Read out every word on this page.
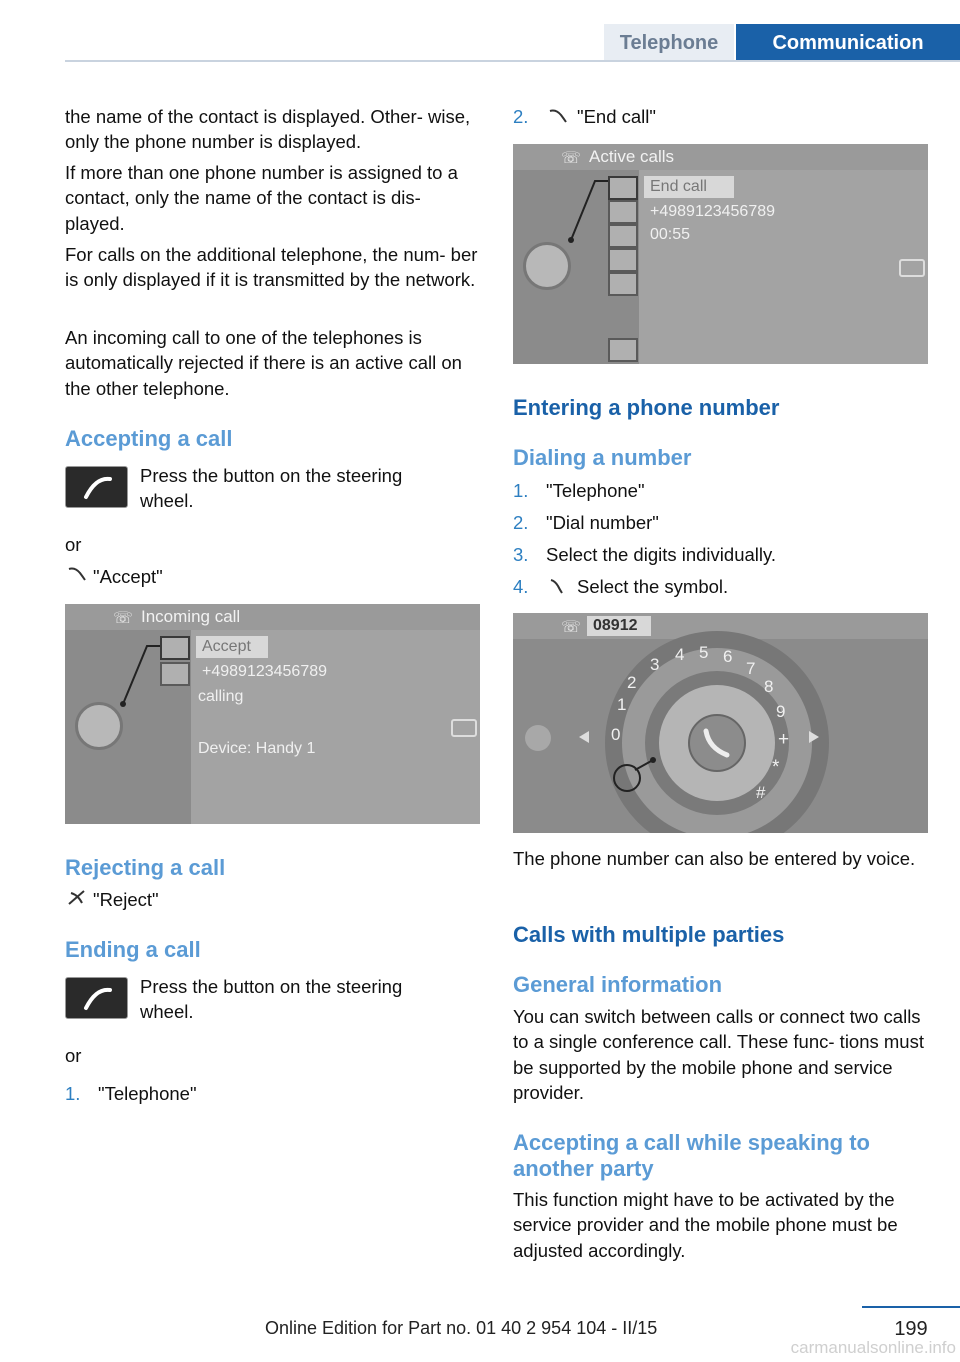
Telephone	Communication
the name of the contact is displayed. Other‐ wise, only the phone number is displayed.
If more than one phone number is assigned to a contact, only the name of the contact is dis‐ played.
For calls on the additional telephone, the num‐ ber is only displayed if it is transmitted by the network.
An incoming call to one of the telephones is automatically rejected if there is an active call on the other telephone.
Accepting a call
Press the button on the steering wheel.
or
"Accept"
☏ Incoming call
Accept
+4989123456789
calling
Device: Handy 1
Rejecting a call
"Reject"
Ending a call
Press the button on the steering wheel.
or
1. "Telephone"
2.	"End call"
☏ Active calls
End call
+4989123456789
00:55
Entering a phone number
Dialing a number
1. "Telephone"
2. "Dial number"
3. Select the digits individually.
4.	Select the symbol.
☏ 08912
0
1
2
3
4 5 6
7
8
9
+
*
#
The phone number can also be entered by voice.
Calls with multiple parties
General information
You can switch between calls or connect two calls to a single conference call. These func‐ tions must be supported by the mobile phone and service provider.
Accepting a call while speaking to another party
This function might have to be activated by the service provider and the mobile phone must be adjusted accordingly.
199
Online Edition for Part no. 01 40 2 954 104 - II/15
carmanualsonline.info
